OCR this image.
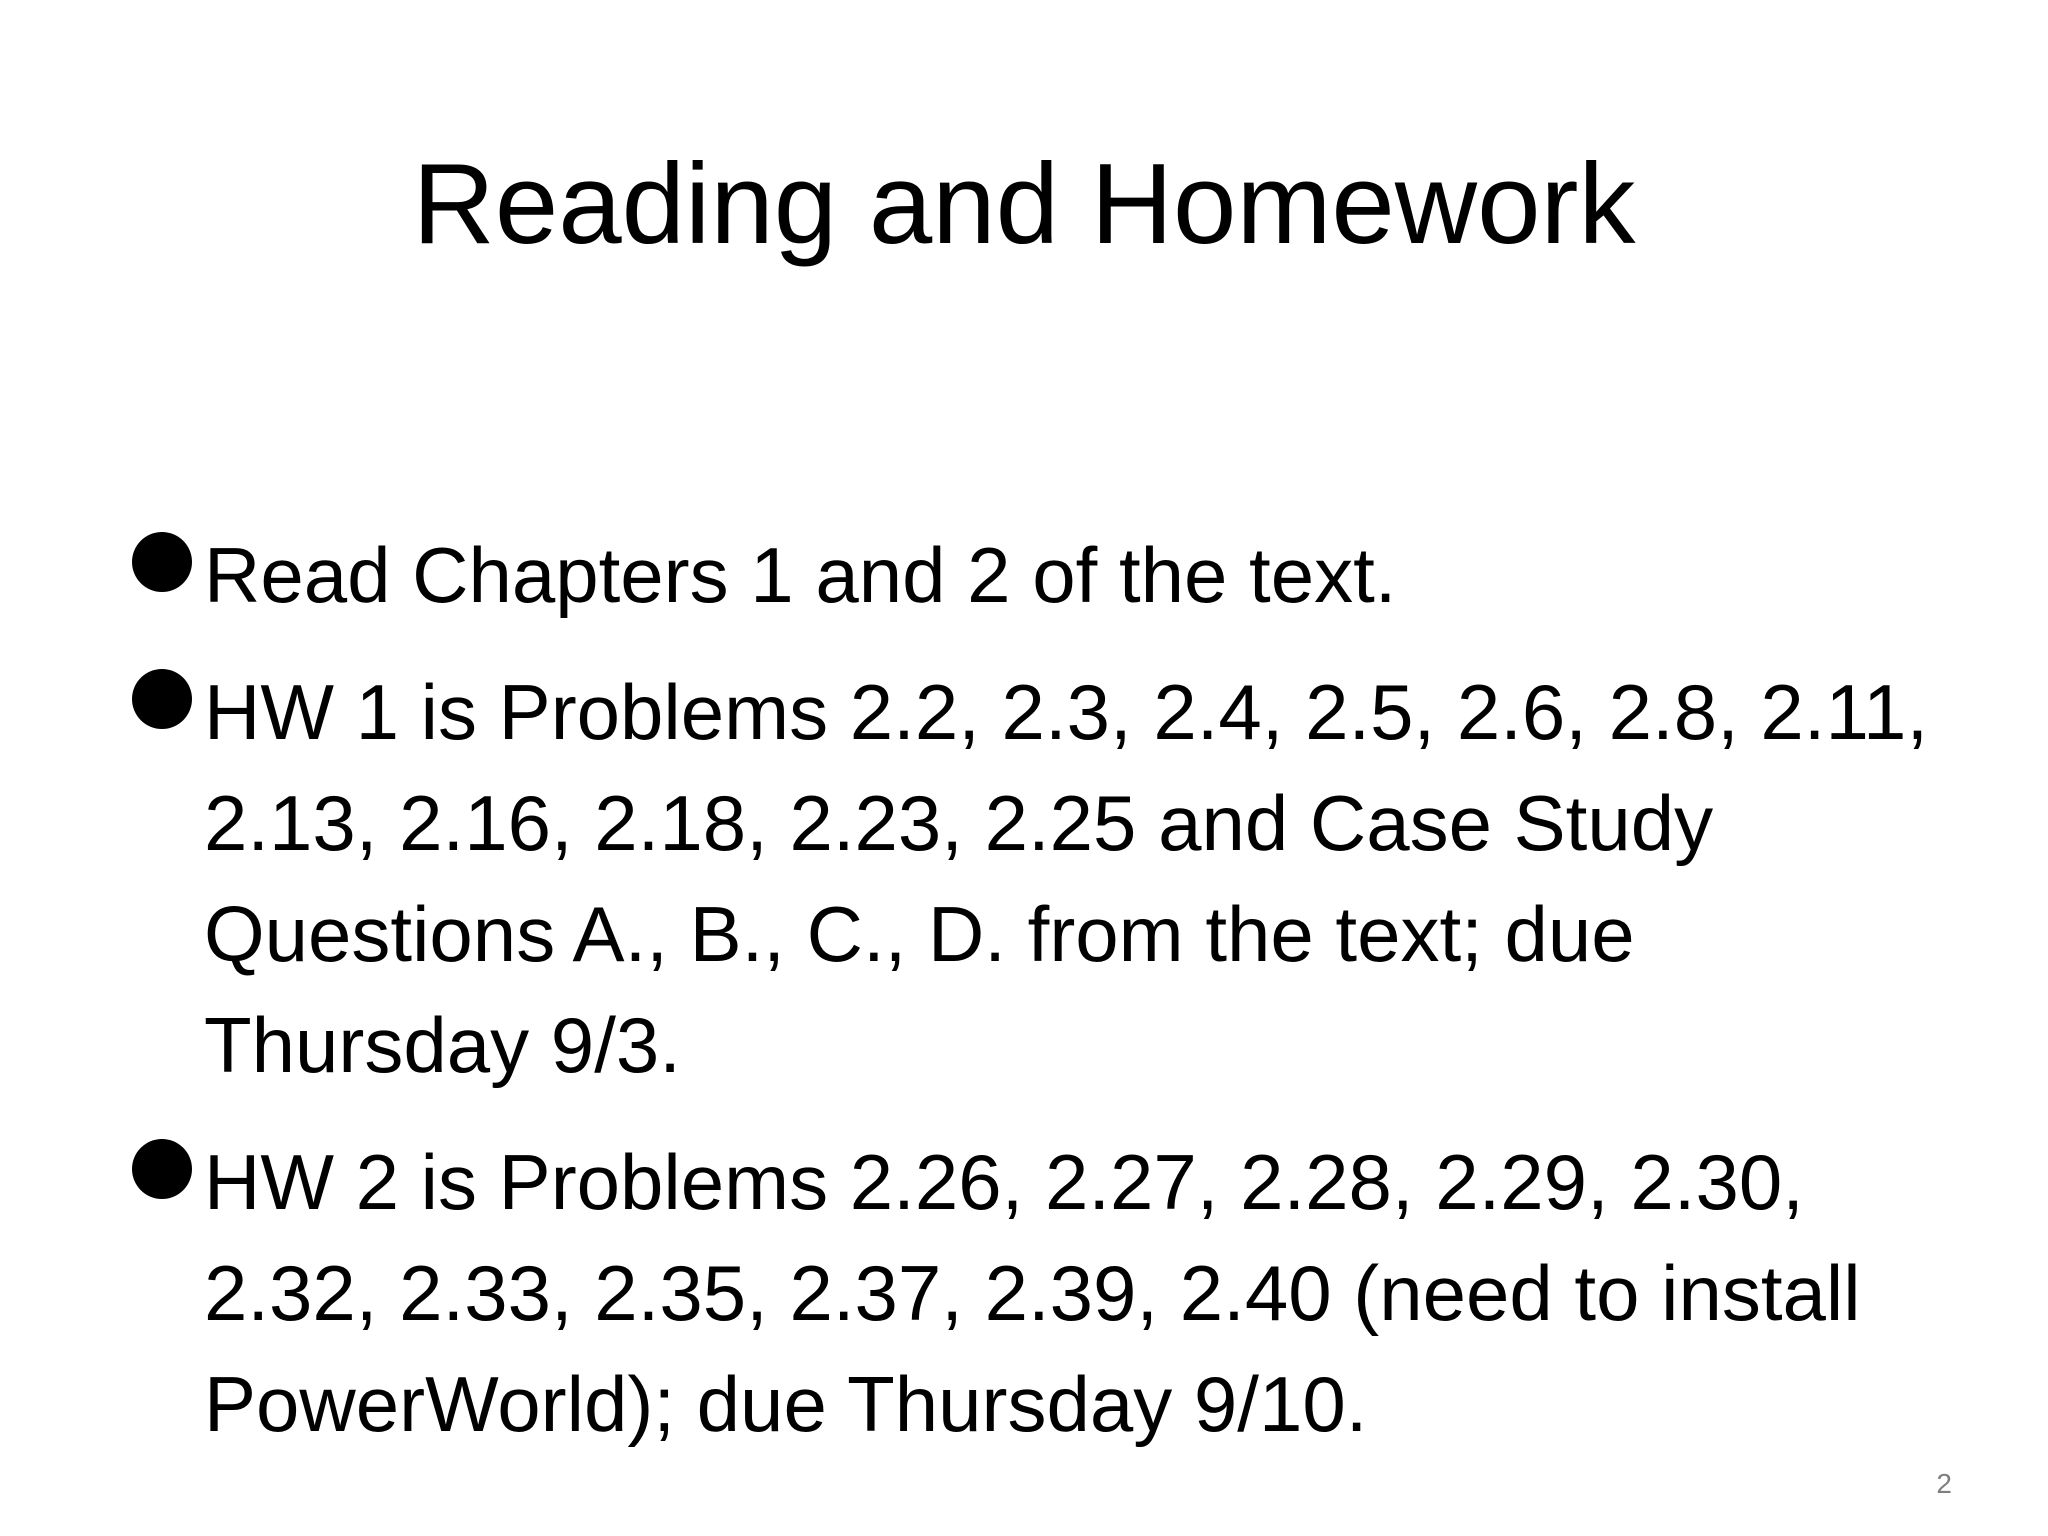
Reading and Homework
Read Chapters 1 and 2 of the text.
HW 1 is Problems 2.2, 2.3, 2.4, 2.5, 2.6, 2.8, 2.11, 2.13, 2.16, 2.18, 2.23, 2.25 and Case Study Questions A., B., C., D. from the text; due Thursday 9/3.
HW 2 is Problems 2.26, 2.27, 2.28, 2.29, 2.30, 2.32, 2.33, 2.35, 2.37, 2.39, 2.40 (need to install PowerWorld); due Thursday 9/10.
2
